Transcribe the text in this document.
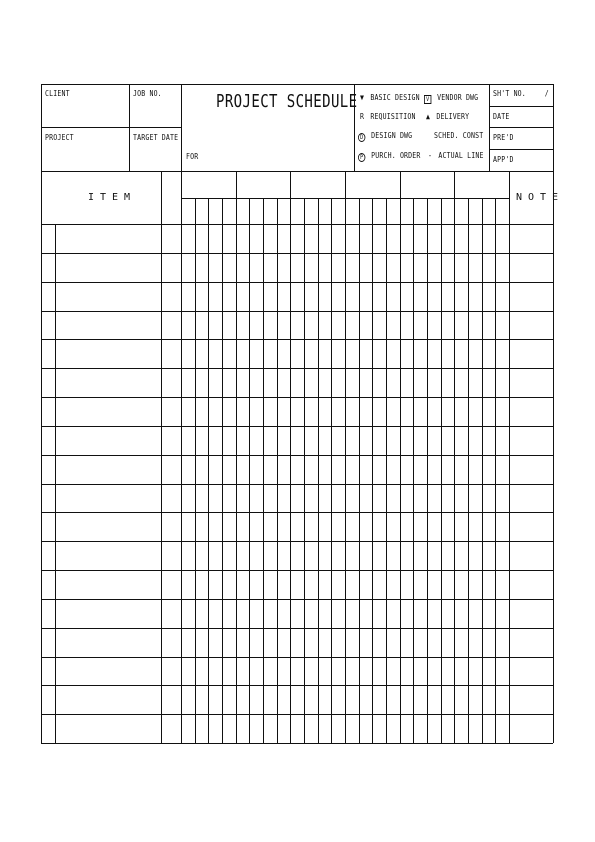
CLIENT	JOB NO.	PROJECT SCHEDULE
FOR
PROJECT	TARGET DATE
▼ BASIC DESIGN
R REQUISITION
D DESIGN DWG
P PURCH. ORDER
V VENDOR DWG
▲ DELIVERY
SCHED. CONST
- ACTUAL LINE
SH'T NO. /
DATE
PRE'D
APP'D
ITEM	NOTE
